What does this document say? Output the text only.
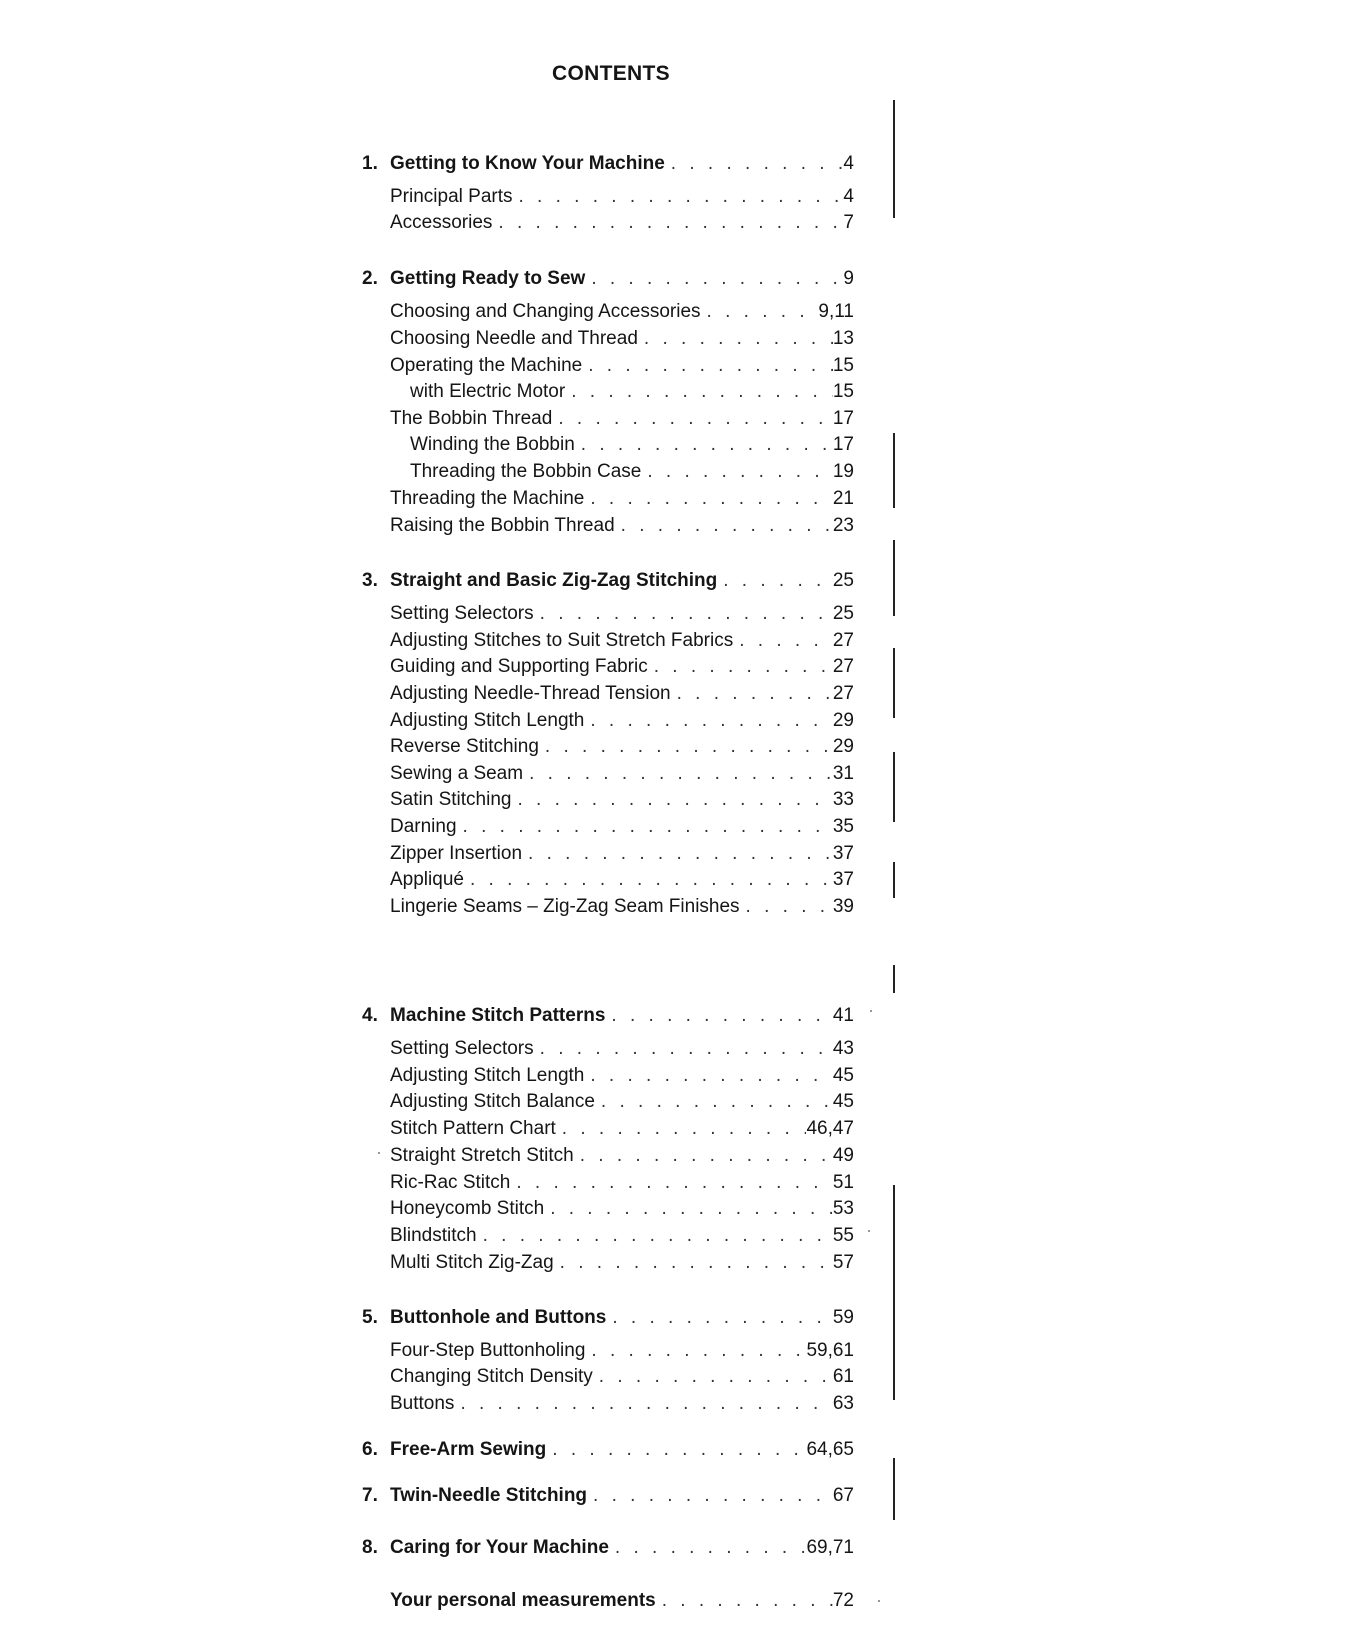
CONTENTS
1. Getting to Know Your Machine . . .	4
Principal Parts . . .	4
Accessories . . .	7
2. Getting Ready to Sew . . .	9
Choosing and Changing Accessories . . .	9,11
Choosing Needle and Thread . . .	13
Operating the Machine . . .	15
with Electric Motor . . .	15
The Bobbin Thread . . .	17
Winding the Bobbin . . .	17
Threading the Bobbin Case . . .	19
Threading the Machine . . .	21
Raising the Bobbin Thread . . .	23
3. Straight and Basic Zig-Zag Stitching . . .	25
Setting Selectors . . .	25
Adjusting Stitches to Suit Stretch Fabrics . . .	27
Guiding and Supporting Fabric . . .	27
Adjusting Needle-Thread Tension . . .	27
Adjusting Stitch Length . . .	29
Reverse Stitching . . .	29
Sewing a Seam . . .	31
Satin Stitching . . .	33
Darning . . .	35
Zipper Insertion . . .	37
Appliqué . . .	37
Lingerie Seams – Zig-Zag Seam Finishes . . .	39
4. Machine Stitch Patterns . . .	41
Setting Selectors . . .	43
Adjusting Stitch Length . . .	45
Adjusting Stitch Balance . . .	45
Stitch Pattern Chart . . .	46,47
Straight Stretch Stitch . . .	49
Ric-Rac Stitch . . .	51
Honeycomb Stitch . . .	53
Blindstitch . . .	55
Multi Stitch Zig-Zag . . .	57
5. Buttonhole and Buttons . . .	59
Four-Step Buttonholing . . .	59,61
Changing Stitch Density . . .	61
Buttons . . .	63
6. Free-Arm Sewing . . .	64,65
7. Twin-Needle Stitching . . .	67
8. Caring for Your Machine . . .	69,71
Your personal measurements . . .	72
